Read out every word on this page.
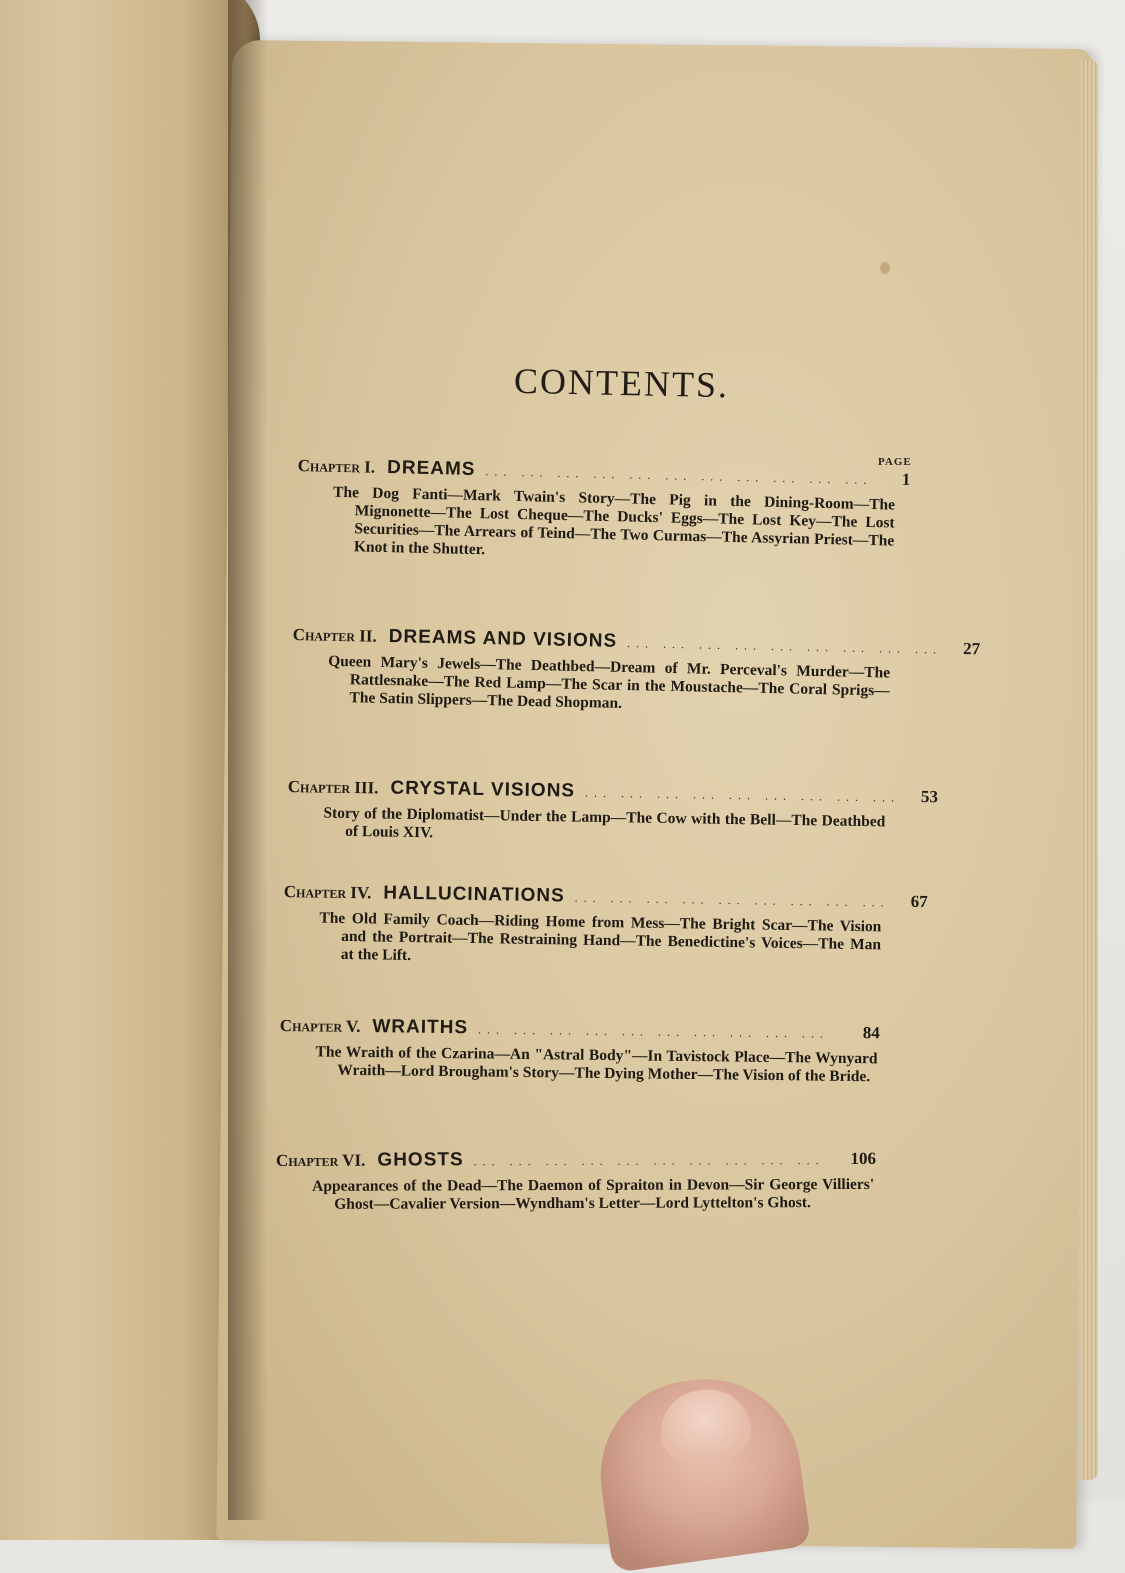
CONTENTS.
PAGE
Chapter I. DREAMS ... ... ... ... ... ... ... ... ... ... ...	1
The Dog Fanti—Mark Twain's Story—The Pig in the Dining-Room—The Mignonette—The Lost Cheque—The Ducks' Eggs—The Lost Key—The Lost Securities—The Arrears of Teind—The Two Curmas—The Assyrian Priest—The Knot in the Shutter.
Chapter II. DREAMS AND VISIONS ... ... ... ... ... ... ... ... ...	27
Queen Mary's Jewels—The Deathbed—Dream of Mr. Perceval's Murder—The Rattlesnake—The Red Lamp—The Scar in the Moustache—The Coral Sprigs—The Satin Slippers—The Dead Shopman.
Chapter III. CRYSTAL VISIONS ... ... ... ... ... ... ... ... ...	53
Story of the Diplomatist—Under the Lamp—The Cow with the Bell—The Deathbed of Louis XIV.
Chapter IV. HALLUCINATIONS ... ... ... ... ... ... ... ... ...	67
The Old Family Coach—Riding Home from Mess—The Bright Scar—The Vision and the Portrait—The Restraining Hand—The Benedictine's Voices—The Man at the Lift.
Chapter V. WRAITHS ... ... ... ... ... ... ... ... ... ...	84
The Wraith of the Czarina—An "Astral Body"—In Tavistock Place—The Wynyard Wraith—Lord Brougham's Story—The Dying Mother—The Vision of the Bride.
Chapter VI. GHOSTS ... ... ... ... ... ... ... ... ... ...	106
Appearances of the Dead—The Daemon of Spraiton in Devon—Sir George Villiers' Ghost—Cavalier Version—Wyndham's Letter—Lord Lyttelton's Ghost.
